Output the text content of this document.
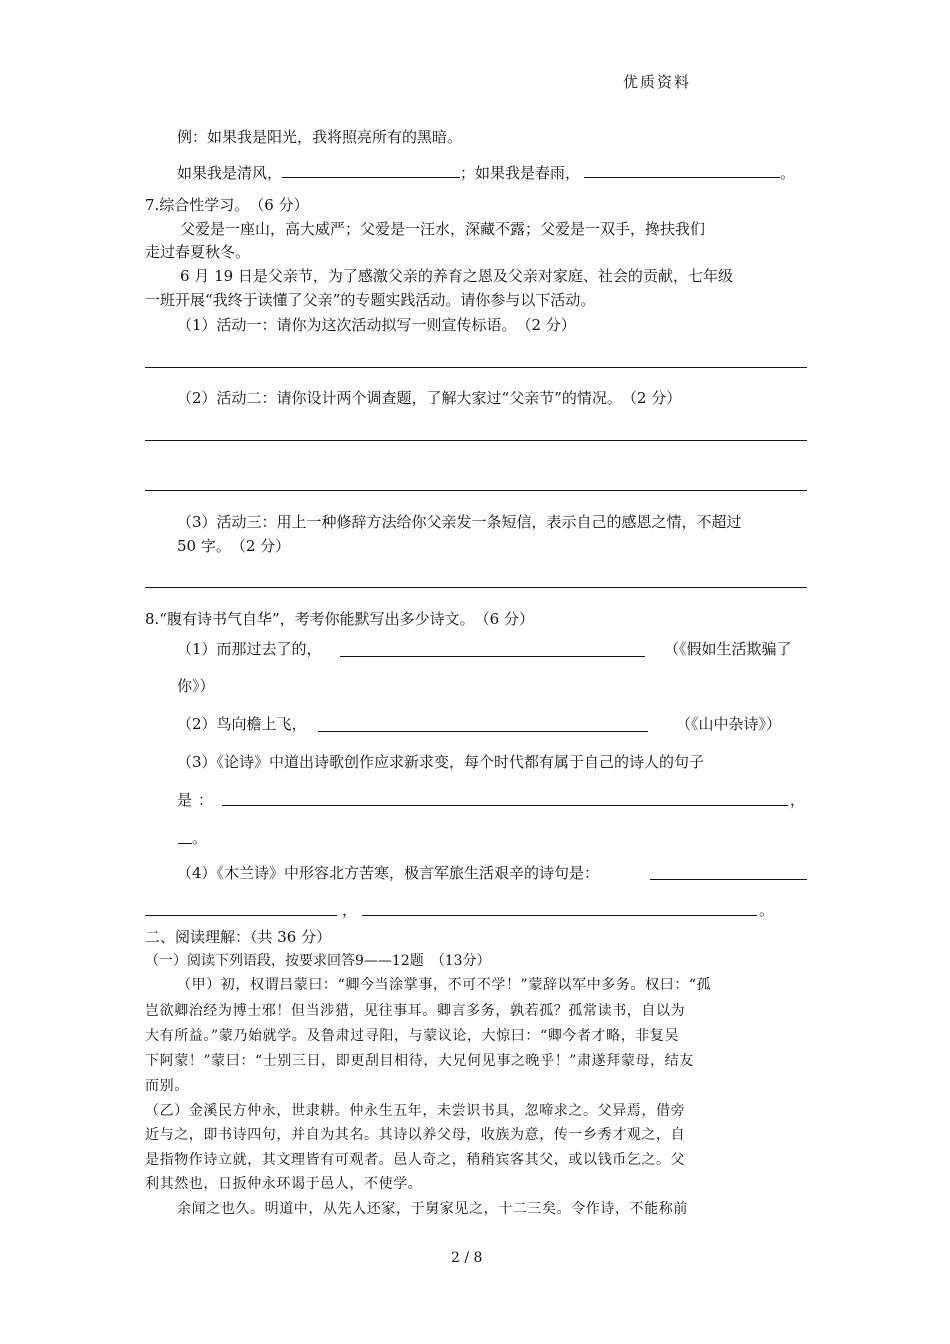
优质资料
例：如果我是阳光，我将照亮所有的黑暗。
如果我是清风，	；如果我是春雨，	。
7.综合性学习。　（6 分）
父爱是一座山，高大威严；父爱是一汪水，深藏不露；父爱是一双手，搀扶我们
走过春夏秋冬。
6 月 19 日是父亲节，为了感激父亲的养育之恩及父亲对家庭、社会的贡献，七年级
一班开展“我终于读懂了父亲”的专题实践活动。请你参与以下活动。
（1）活动一：请你为这次活动拟写一则宣传标语。　（2 分）
（2）活动二：请你设计两个调查题，了解大家过“父亲节”的情况。　（2 分）
（3）活动三：用上一种修辞方法给你父亲发一条短信，表示自己的感恩之情，不超过
50 字。　（2 分）
8.“腹有诗书气自华”，考考你能默写出多少诗文。　（6 分）
（1）而那过去了的，	（《假如生活欺骗了
你》）
（2）鸟向檐上飞，	（《山中杂诗》）
（3）《论诗》中道出诗歌创作应求新求变，每个时代都有属于自己的诗人的句子
是：	，
。
（4）《木兰诗》中形容北方苦寒，极言军旅生活艰辛的诗句是：
，	。
二、阅读理解：（共 36 分）
（一）阅读下列语段，按要求回答9——12题　（13分）
（甲）初，权谓吕蒙曰：“卿今当涂掌事，不可不学！”蒙辞以军中多务。权曰：“孤
岂欲卿治经为博士邪！但当涉猎，见往事耳。卿言多务，孰若孤？孤常读书，自以为
大有所益。”蒙乃始就学。及鲁肃过寻阳，与蒙议论，大惊曰：“卿今者才略，非复吴
下阿蒙！”蒙曰：“士别三日，即更刮目相待，大兄何见事之晚乎！”肃遂拜蒙母，结友
而别。
（乙）金溪民方仲永，世隶耕。仲永生五年，未尝识书具，忽啼求之。父异焉，借旁
近与之，即书诗四句，并自为其名。其诗以养父母，收族为意，传一乡秀才观之，自
是指物作诗立就，其文理皆有可观者。邑人奇之，稍稍宾客其父，或以钱币乞之。父
利其然也，日扳仲永环谒于邑人，不使学。
余闻之也久。明道中，从先人还家，于舅家见之，十二三矣。令作诗，不能称前
2 / 8
